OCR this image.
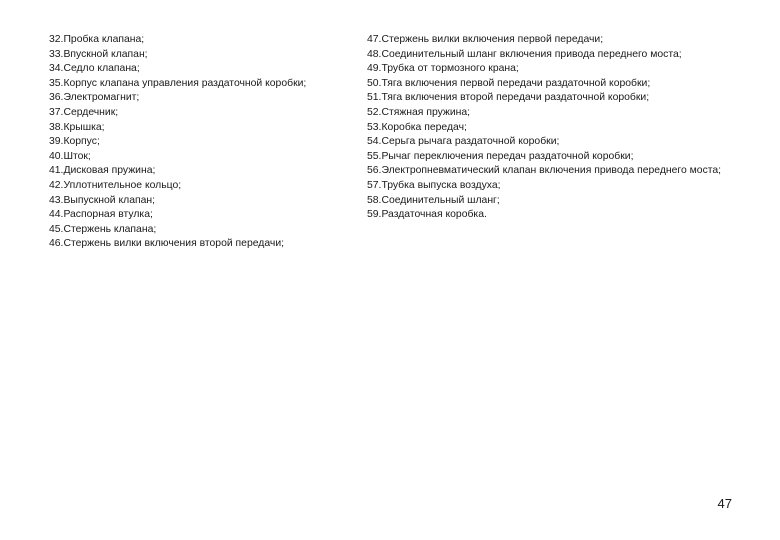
32.Пробка клапана;
33.Впускной клапан;
34.Седло клапана;
35.Корпус клапана управления раздаточной коробки;
36.Электромагнит;
37.Сердечник;
38.Крышка;
39.Корпус;
40.Шток;
41.Дисковая пружина;
42.Уплотнительное кольцо;
43.Выпускной клапан;
44.Распорная втулка;
45.Стержень клапана;
46.Стержень вилки включения второй передачи;
47.Стержень вилки включения первой передачи;
48.Соединительный шланг включения привода переднего моста;
49.Трубка от тормозного крана;
50.Тяга включения первой передачи раздаточной коробки;
51.Тяга включения второй передачи раздаточной коробки;
52.Стяжная пружина;
53.Коробка передач;
54.Серьга рычага раздаточной коробки;
55.Рычаг переключения передач раздаточной коробки;
56.Электропневматический клапан включения привода переднего моста;
57.Трубка выпуска воздуха;
58.Соединительный шланг;
59.Раздаточная коробка.
47
